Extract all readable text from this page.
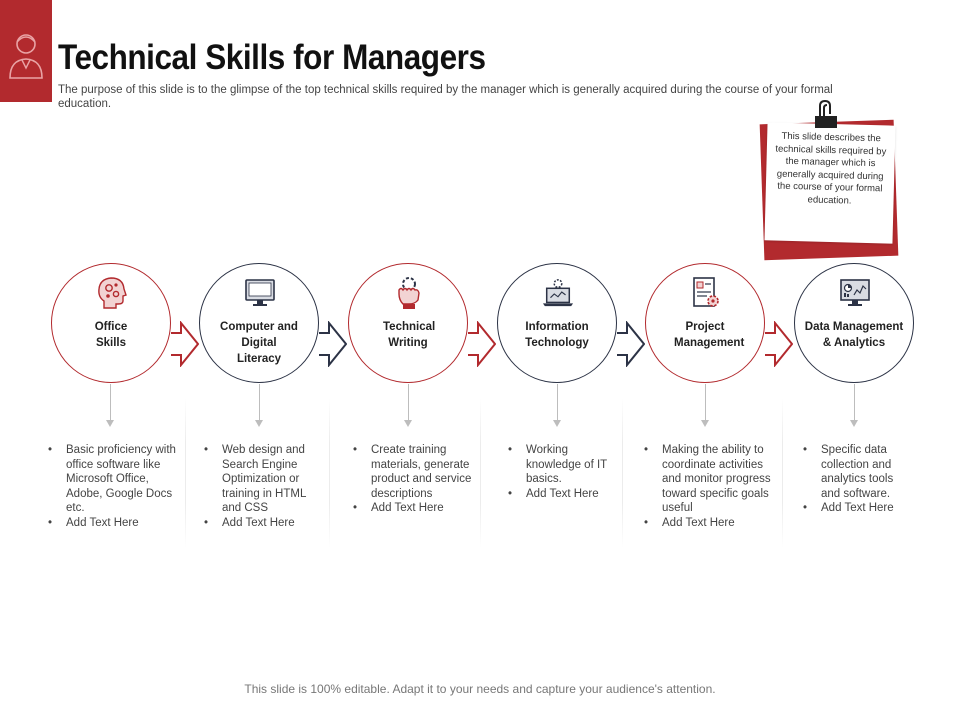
Technical Skills for Managers
The purpose of this slide is to the glimpse of the top technical skills required by the manager which is generally acquired during the course of your formal education.
This slide describes the technical skills required by the manager which is generally acquired during the course of your formal education.
Office Skills
Computer and Digital Literacy
Technical Writing
Information Technology
Project Management
Data Management & Analytics
• Basic proficiency with office software like Microsoft Office, Adobe, Google Docs etc.
• Add Text Here
• Web design and Search Engine Optimization or training in HTML and CSS
• Add Text Here
• Create training materials, generate product and service descriptions
• Add Text Here
• Working knowledge of IT basics.
• Add Text Here
• Making the ability to coordinate activities and monitor progress toward specific goals useful
• Add Text Here
• Specific data collection and analytics tools and software.
• Add Text Here
This slide is 100% editable. Adapt it to your needs and capture your audience's attention.
